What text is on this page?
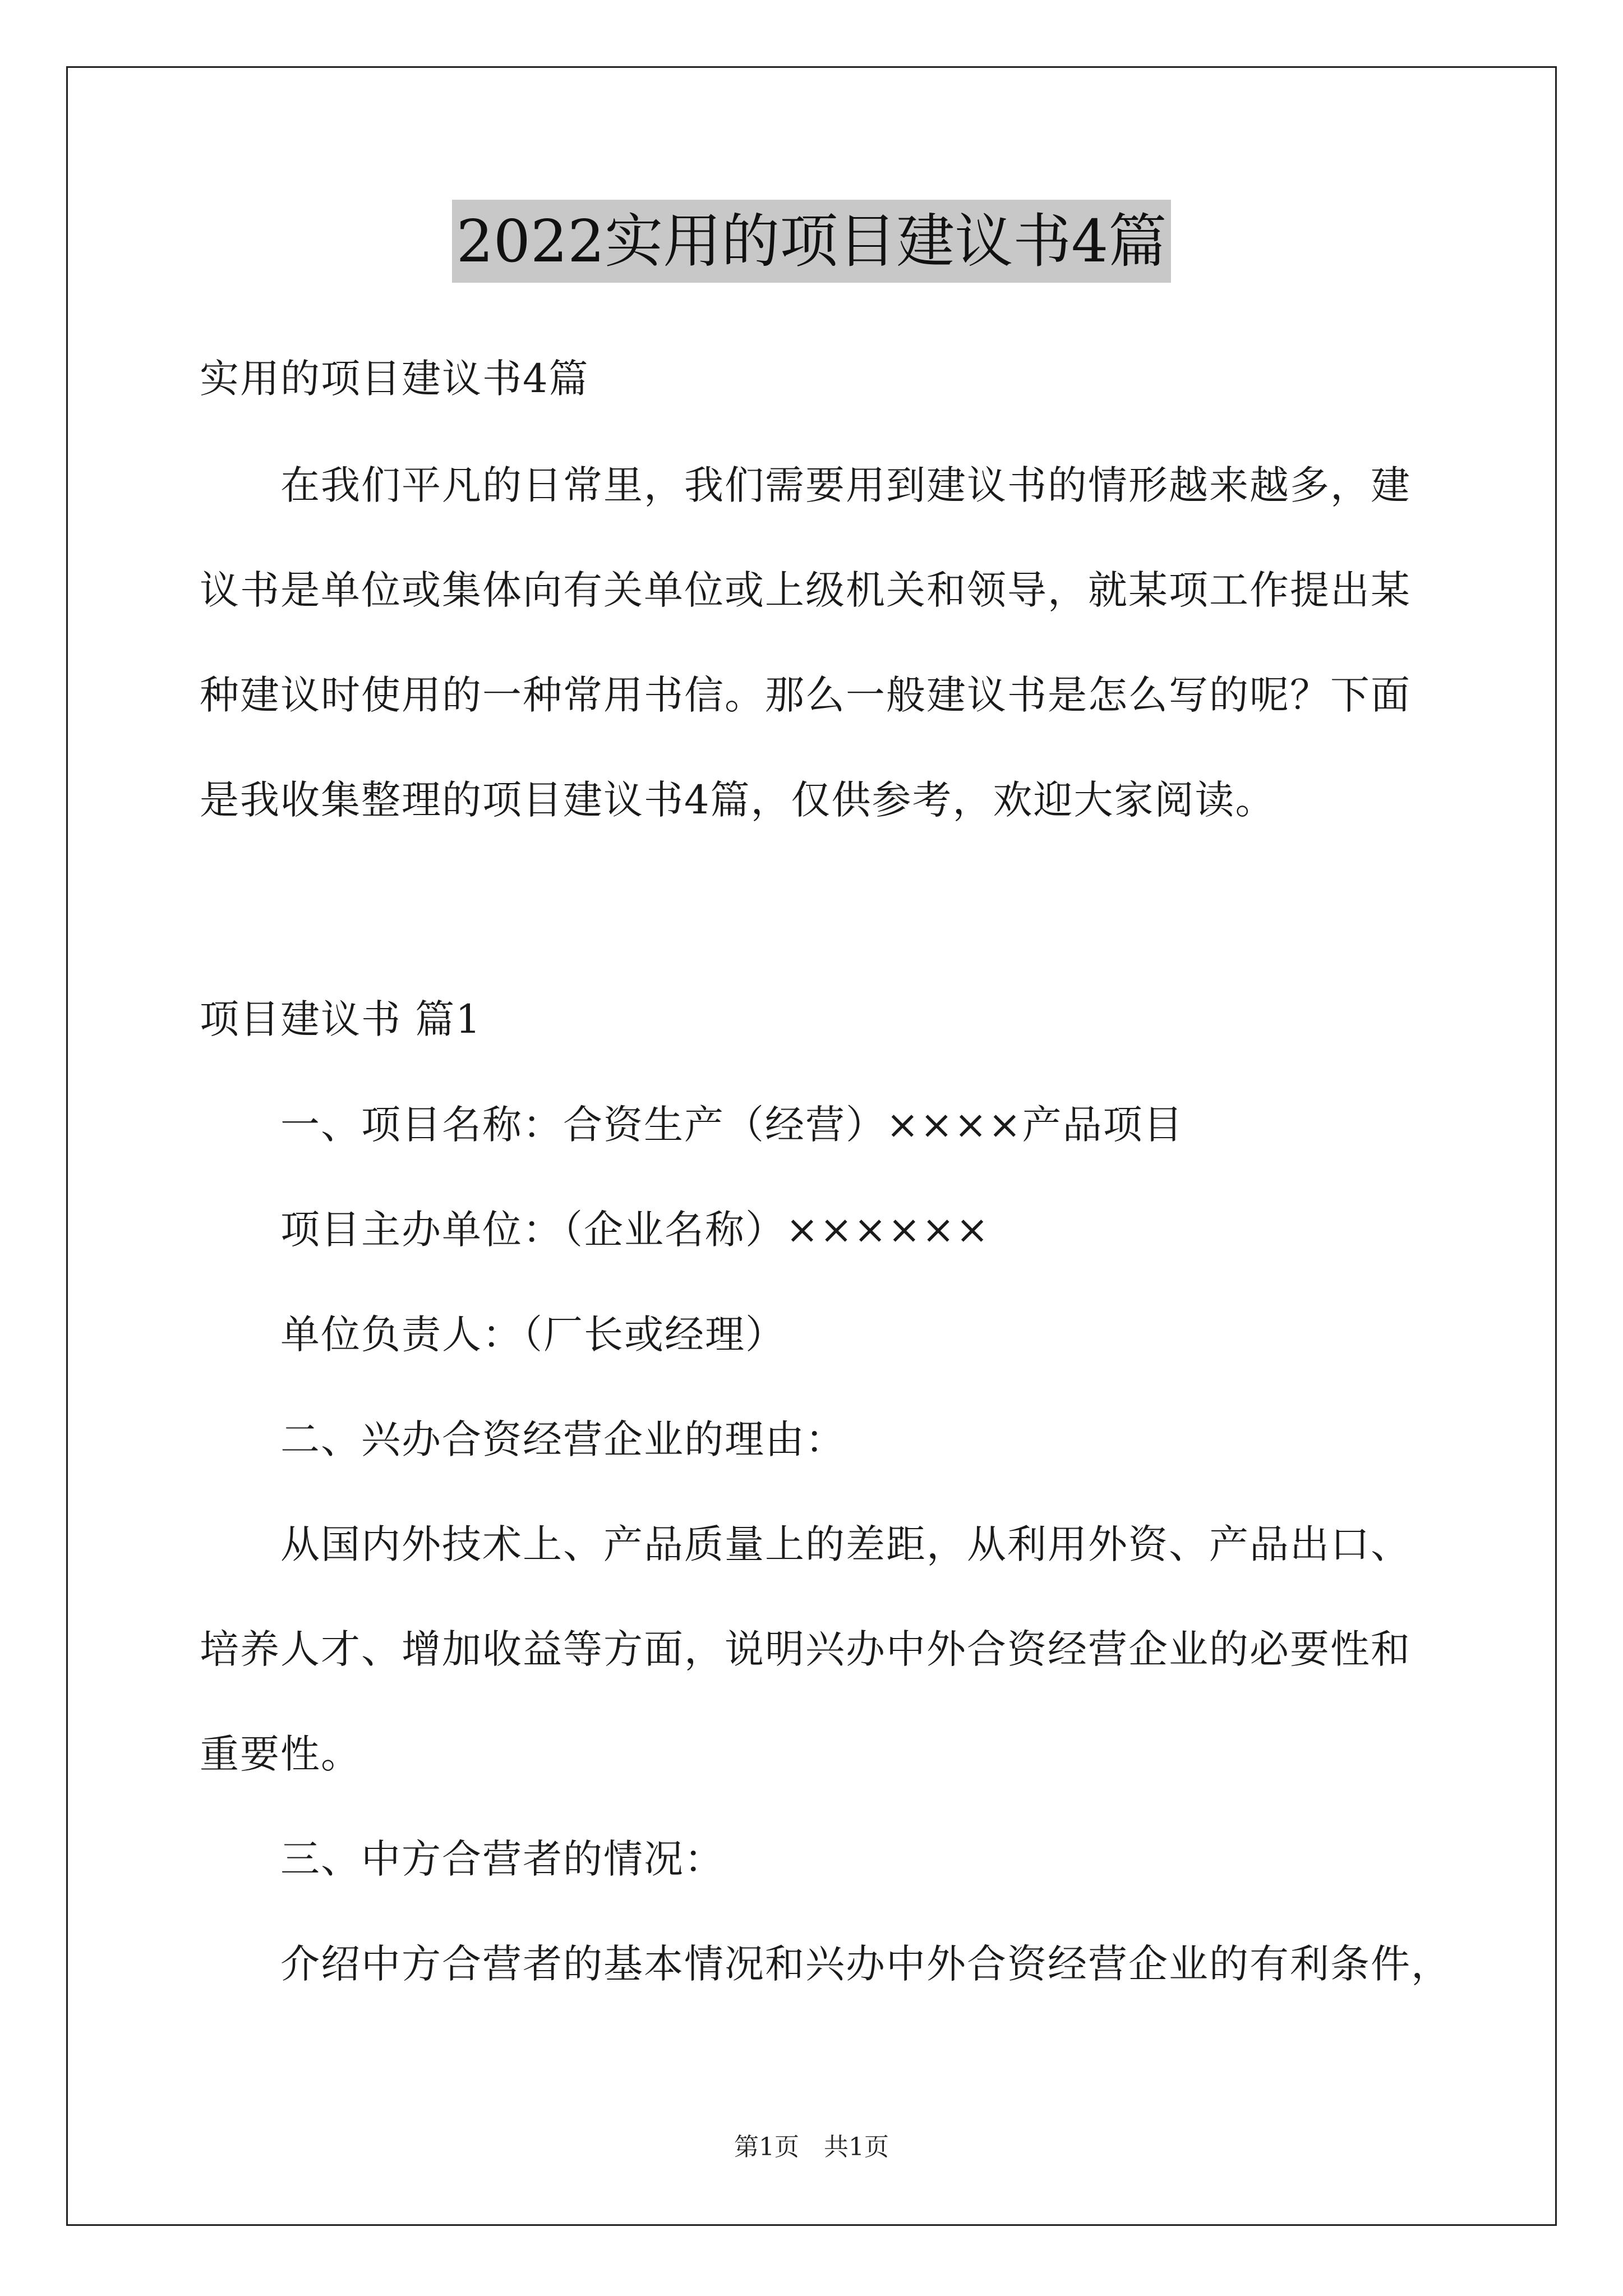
2022实用的项目建议书4篇
实用的项目建议书4篇
在我们平凡的日常里，我们需要用到建议书的情形越来越多，建
议书是单位或集体向有关单位或上级机关和领导，就某项工作提出某
种建议时使用的一种常用书信。那么一般建议书是怎么写的呢？下面
是我收集整理的项目建议书4篇，仅供参考，欢迎大家阅读。
项目建议书 篇1
一、项目名称：合资生产（经营）××××产品项目
项目主办单位：（企业名称）××××××
单位负责人：（厂长或经理）
二、兴办合资经营企业的理由：
从国内外技术上、产品质量上的差距，从利用外资、产品出口、
培养人才、增加收益等方面，说明兴办中外合资经营企业的必要性和
重要性。
三、中方合营者的情况：
介绍中方合营者的基本情况和兴办中外合资经营企业的有利条件，
第1页　共1页
